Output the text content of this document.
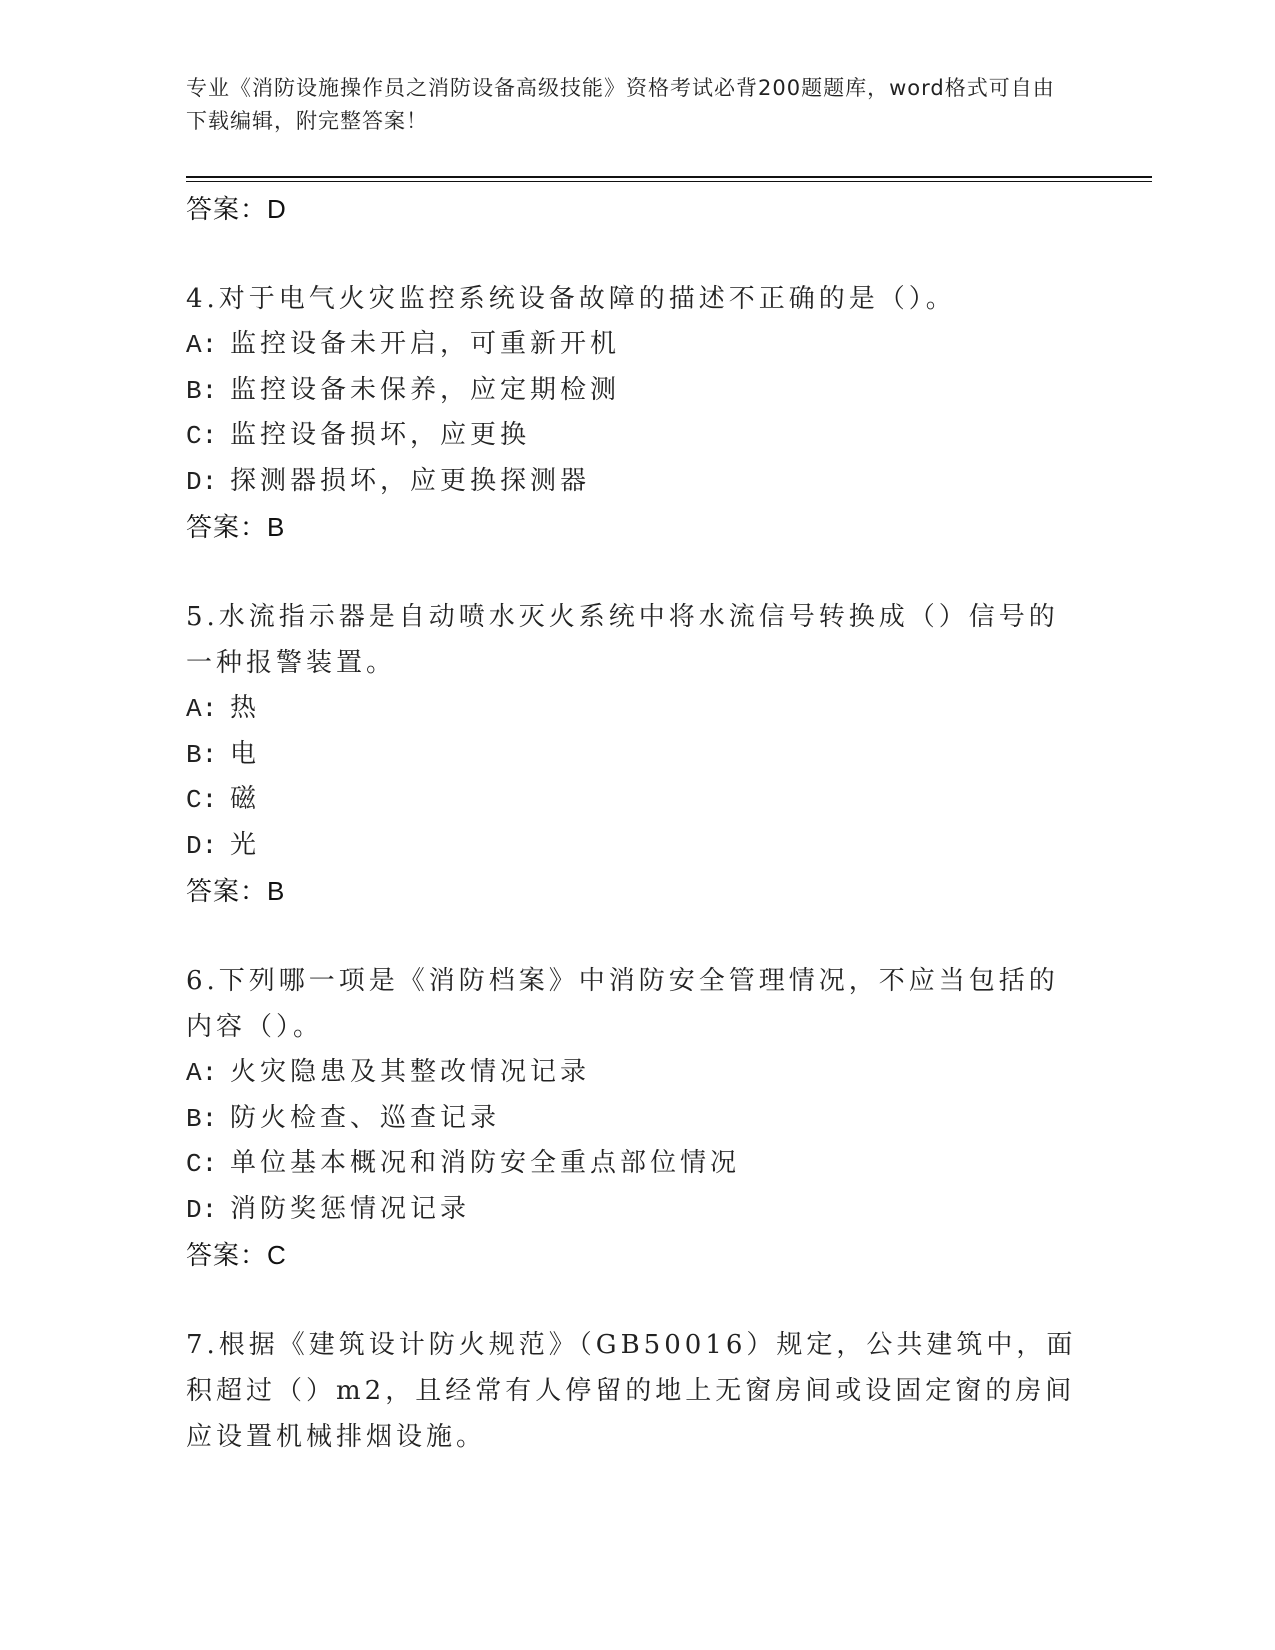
专业《消防设施操作员之消防设备高级技能》资格考试必背200题题库，word格式可自由下载编辑，附完整答案！
答案：D
4.对于电气火灾监控系统设备故障的描述不正确的是（）。
A: 监控设备未开启，可重新开机
B: 监控设备未保养，应定期检测
C: 监控设备损坏，应更换
D: 探测器损坏，应更换探测器
答案：B
5.水流指示器是自动喷水灭火系统中将水流信号转换成（）信号的一种报警装置。
A: 热
B: 电
C: 磁
D: 光
答案：B
6.下列哪一项是《消防档案》中消防安全管理情况，不应当包括的内容（）。
A: 火灾隐患及其整改情况记录
B: 防火检查、巡查记录
C: 单位基本概况和消防安全重点部位情况
D: 消防奖惩情况记录
答案：C
7.根据《建筑设计防火规范》（GB50016）规定，公共建筑中，面积超过（）m2，且经常有人停留的地上无窗房间或设固定窗的房间应设置机械排烟设施。
